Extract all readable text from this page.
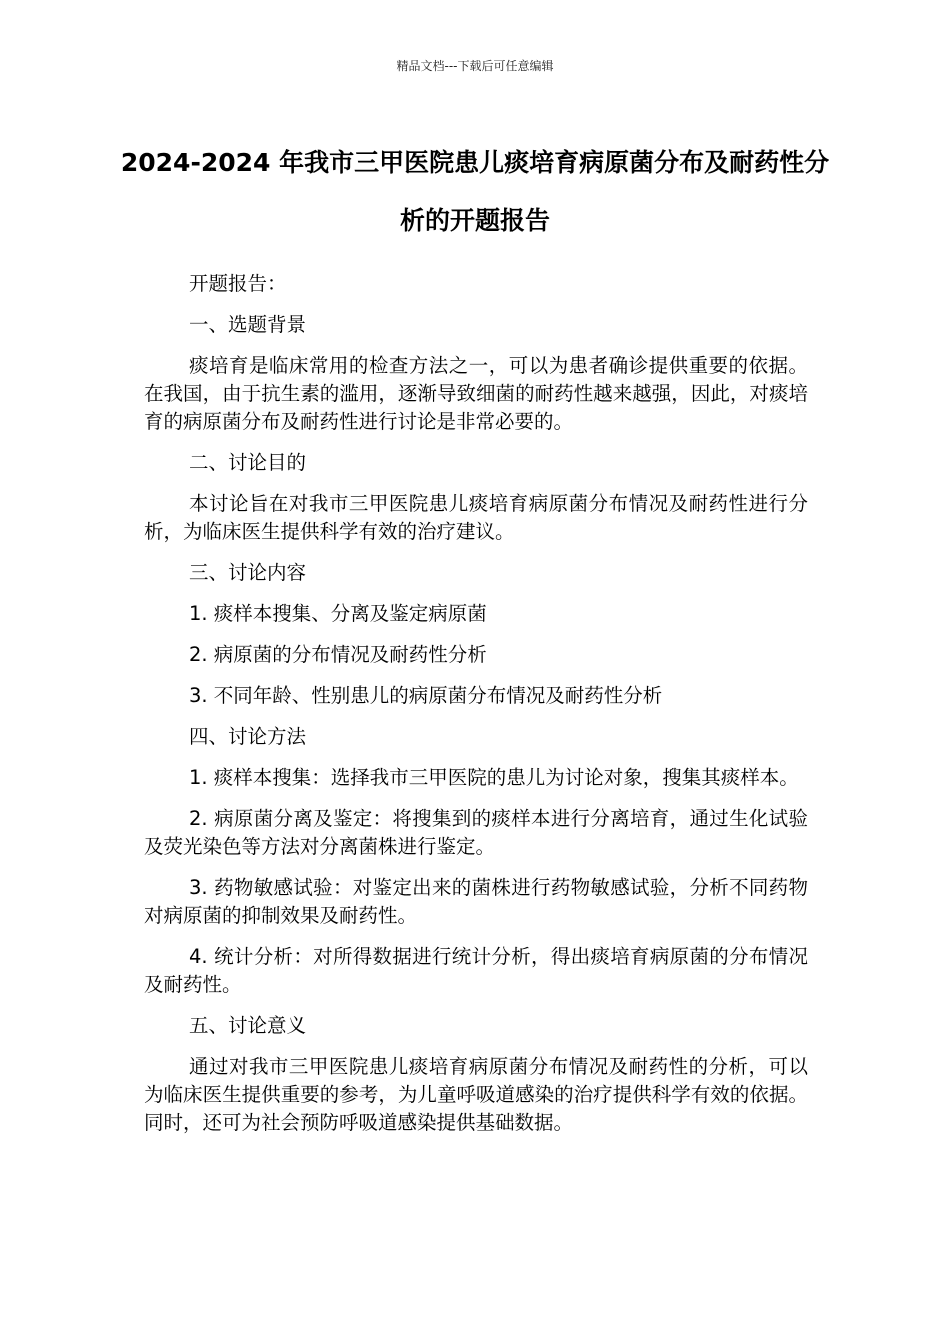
精品文档---下载后可任意编辑
2024-2024 年我市三甲医院患儿痰培育病原菌分布及耐药性分析的开题报告

开题报告：

一、选题背景

痰培育是临床常用的检查方法之一，可以为患者确诊提供重要的依据。在我国，由于抗生素的滥用，逐渐导致细菌的耐药性越来越强，因此，对痰培育的病原菌分布及耐药性进行讨论是非常必要的。

二、讨论目的

本讨论旨在对我市三甲医院患儿痰培育病原菌分布情况及耐药性进行分析，为临床医生提供科学有效的治疗建议。

三、讨论内容

1. 痰样本搜集、分离及鉴定病原菌

2. 病原菌的分布情况及耐药性分析

3. 不同年龄、性别患儿的病原菌分布情况及耐药性分析

四、讨论方法

1. 痰样本搜集：选择我市三甲医院的患儿为讨论对象，搜集其痰样本。

2. 病原菌分离及鉴定：将搜集到的痰样本进行分离培育，通过生化试验及荧光染色等方法对分离菌株进行鉴定。

3. 药物敏感试验：对鉴定出来的菌株进行药物敏感试验，分析不同药物对病原菌的抑制效果及耐药性。

4. 统计分析：对所得数据进行统计分析，得出痰培育病原菌的分布情况及耐药性。

五、讨论意义

通过对我市三甲医院患儿痰培育病原菌分布情况及耐药性的分析，可以为临床医生提供重要的参考，为儿童呼吸道感染的治疗提供科学有效的依据。同时，还可为社会预防呼吸道感染提供基础数据。
